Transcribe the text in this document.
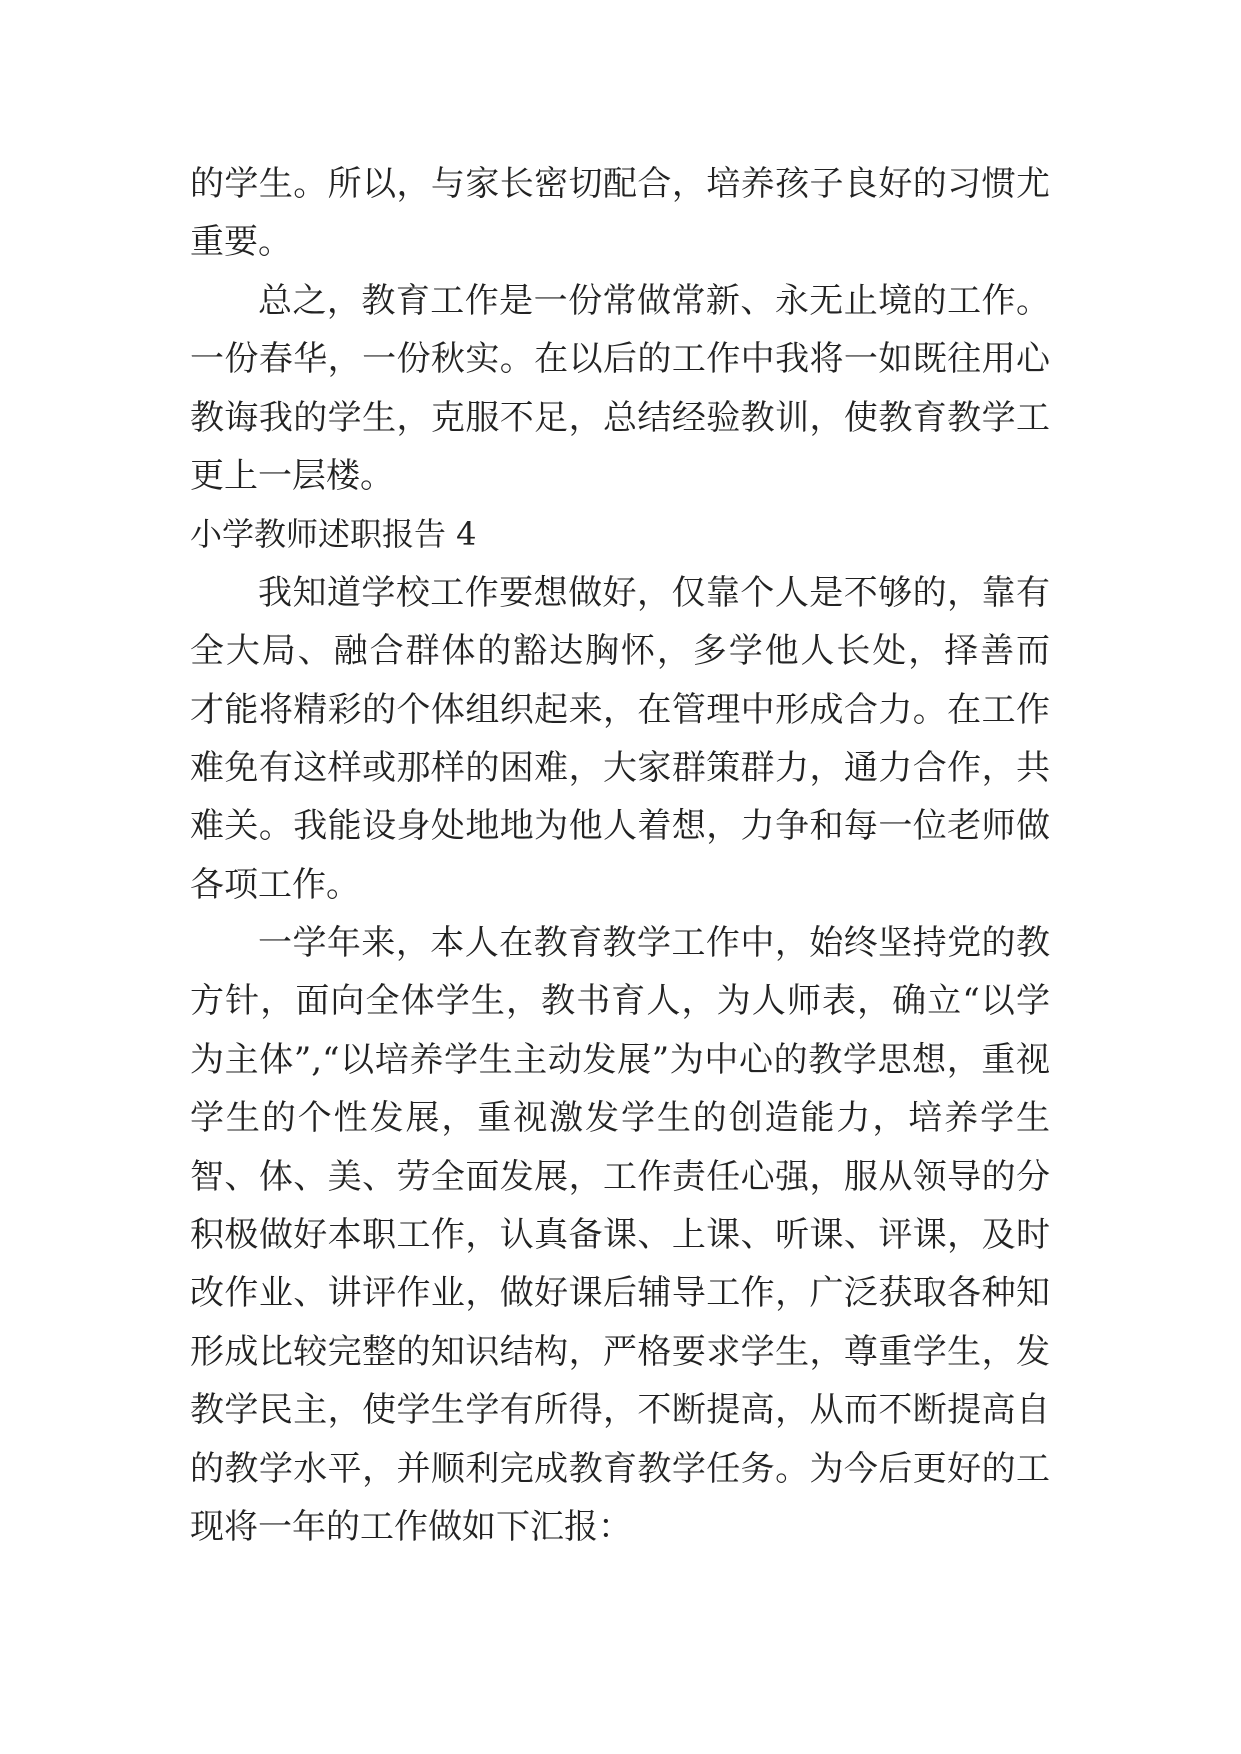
的学生。所以，与家长密切配合，培养孩子良好的习惯尤
重要。
总之，教育工作是一份常做常新、永无止境的工作。
一份春华，一份秋实。在以后的工作中我将一如既往用心
教诲我的学生，克服不足，总结经验教训，使教育教学工
更上一层楼。
小学教师述职报告 4
我知道学校工作要想做好，仅靠个人是不够的，靠有
全大局、融合群体的豁达胸怀，多学他人长处，择善而
才能将精彩的个体组织起来，在管理中形成合力。在工作
难免有这样或那样的困难，大家群策群力，通力合作，共
难关。我能设身处地地为他人着想，力争和每一位老师做
各项工作。
一学年来，本人在教育教学工作中，始终坚持党的教
方针，面向全体学生，教书育人，为人师表，确立“以学
为主体”,“以培养学生主动发展”为中心的教学思想，重视
学生的个性发展，重视激发学生的创造能力，培养学生
智、体、美、劳全面发展，工作责任心强，服从领导的分
积极做好本职工作，认真备课、上课、听课、评课，及时
改作业、讲评作业，做好课后辅导工作，广泛获取各种知
形成比较完整的知识结构，严格要求学生，尊重学生，发
教学民主，使学生学有所得，不断提高，从而不断提高自
的教学水平，并顺利完成教育教学任务。为今后更好的工
现将一年的工作做如下汇报：
